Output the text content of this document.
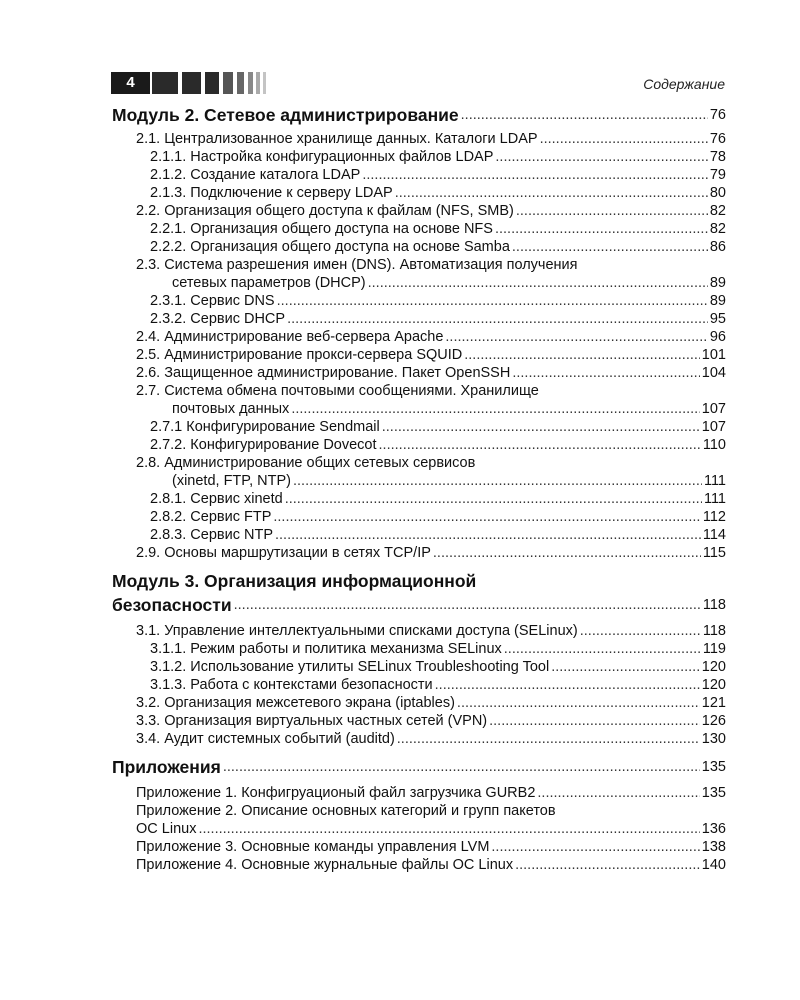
4	Содержание
Модуль 2. Сетевое администрирование .....	76
2.1. Централизованное хранилище данных. Каталоги LDAP .....	76
2.1.1. Настройка конфигурационных файлов LDAP .....	78
2.1.2. Создание каталога LDAP .....	79
2.1.3. Подключение к серверу LDAP .....	80
2.2. Организация общего доступа к файлам (NFS, SMB) .....	82
2.2.1. Организация общего доступа на основе NFS .....	82
2.2.2. Организация общего доступа на основе Samba .....	86
2.3. Система разрешения имен (DNS). Автоматизация получения
сетевых параметров (DHCP) .....	89
2.3.1. Сервис DNS .....	89
2.3.2. Сервис DHCP .....	95
2.4. Администрирование веб-сервера Apache .....	96
2.5. Администрирование прокси-сервера SQUID .....	101
2.6. Защищенное администрирование. Пакет OpenSSH .....	104
2.7. Система обмена почтовыми сообщениями. Хранилище
почтовых данных .....	107
2.7.1 Конфигурирование Sendmail .....	107
2.7.2. Конфигурирование Dovecot .....	110
2.8. Администрирование общих сетевых сервисов
(xinetd, FTP, NTP) .....	111
2.8.1. Сервис xinetd .....	111
2.8.2. Сервис FTP .....	112
2.8.3. Сервис NTP .....	114
2.9. Основы маршрутизации в сетях TCP/IP .....	115
Модуль 3. Организация информационной
безопасности .....	118
3.1. Управление интеллектуальными списками доступа (SELinux) .....	118
3.1.1. Режим работы и политика механизма SELinux .....	119
3.1.2. Использование утилиты SELinux Troubleshooting Tool .....	120
3.1.3. Работа с контекстами безопасности .....	120
3.2. Организация межсетевого экрана (iptables) .....	121
3.3. Организация виртуальных частных сетей (VPN) .....	126
3.4. Аудит системных событий (auditd) .....	130
Приложения .....	135
Приложение 1. Конфигруационый файл загрузчика GURB2 .....	135
Приложение 2. Описание основных категорий и групп пакетов
ОС Linux .....	136
Приложение 3. Основные команды управления LVM .....	138
Приложение 4. Основные журнальные файлы ОС Linux .....	140
